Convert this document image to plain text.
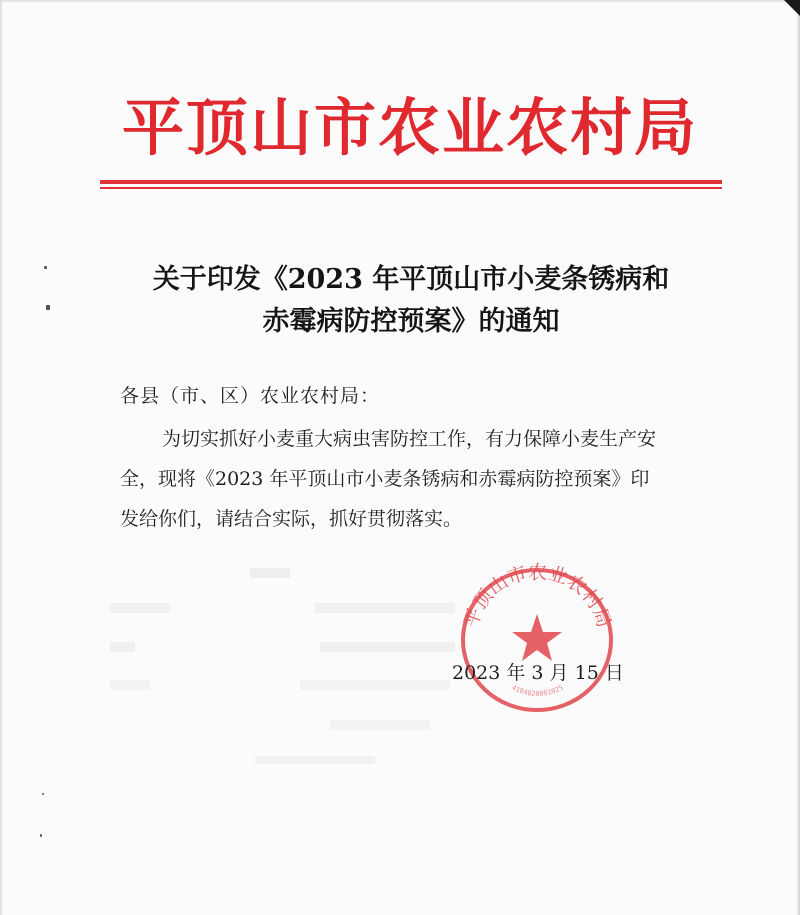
平顶山市农业农村局
关于印发《2023 年平顶山市小麦条锈病和
赤霉病防控预案》的通知
各县（市、区）农业农村局：
为切实抓好小麦重大病虫害防控工作，有力保障小麦生产安
全，现将《2023 年平顶山市小麦条锈病和赤霉病防控预案》印
发给你们，请结合实际，抓好贯彻落实。
平顶山市农业农村局
4104020001025
2023 年 3 月 15 日
